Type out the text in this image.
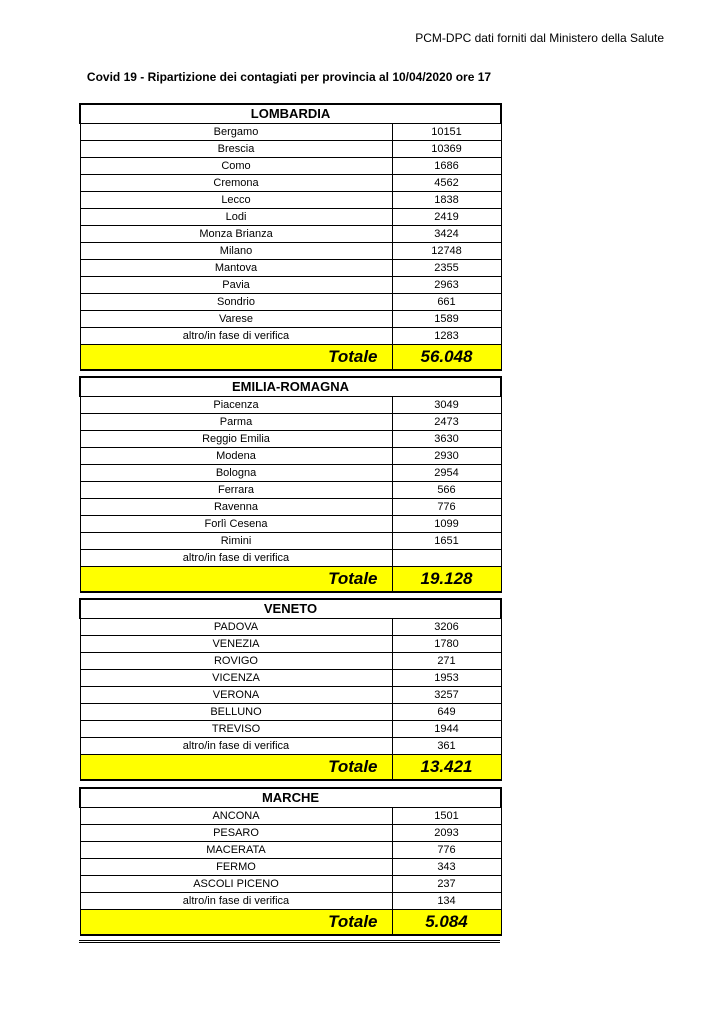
PCM-DPC dati forniti dal Ministero della Salute
Covid 19 - Ripartizione dei contagiati per provincia al 10/04/2020 ore 17
LOMBARDIA	
Bergamo	10151
Brescia	10369
Como	1686
Cremona	4562
Lecco	1838
Lodi	2419
Monza Brianza	3424
Milano	12748
Mantova	2355
Pavia	2963
Sondrio	661
Varese	1589
altro/in fase di verifica	1283
Totale	56.048
EMILIA-ROMAGNA	
Piacenza	3049
Parma	2473
Reggio Emilia	3630
Modena	2930
Bologna	2954
Ferrara	566
Ravenna	776
Forlì Cesena	1099
Rimini	1651
altro/in fase di verifica	
Totale	19.128
VENETO	
PADOVA	3206
VENEZIA	1780
ROVIGO	271
VICENZA	1953
VERONA	3257
BELLUNO	649
TREVISO	1944
altro/in fase di verifica	361
Totale	13.421
MARCHE	
ANCONA	1501
PESARO	2093
MACERATA	776
FERMO	343
ASCOLI PICENO	237
altro/in fase di verifica	134
Totale	5.084
